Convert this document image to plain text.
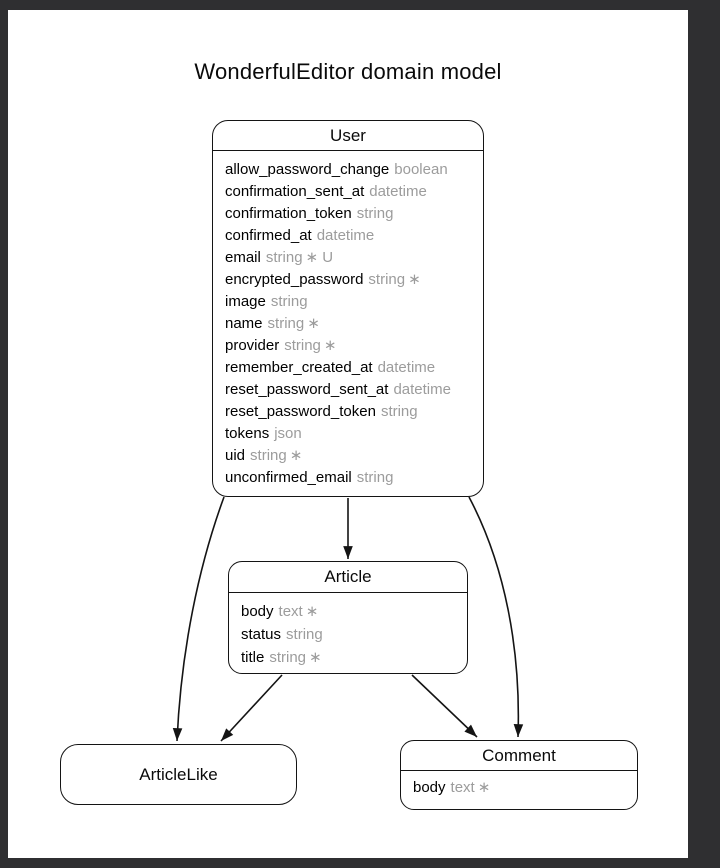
WonderfulEditor domain model
User
allow_password_change boolean
confirmation_sent_at datetime
confirmation_token string
confirmed_at datetime
email string ∗ U
encrypted_password string ∗
image string
name string ∗
provider string ∗
remember_created_at datetime
reset_password_sent_at datetime
reset_password_token string
tokens json
uid string ∗
unconfirmed_email string
Article
body text ∗
status string
title string ∗
ArticleLike
Comment
body text ∗
